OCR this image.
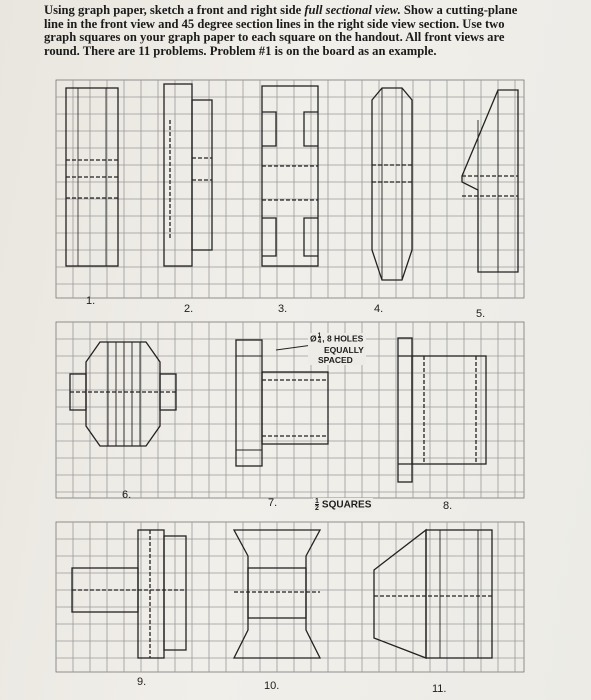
Using graph paper, sketch a front and right side full sectional view. Show a cutting-plane
line in the front view and 45 degree section lines in the right side view section. Use two
graph squares on your graph paper to each square on the handout. All front views are
round. There are 11 problems. Problem #1 is on the board as an example.
1.
2.	3.	4.	5.
6.
7.	8.
9.	10.	11.
Ø1
4, 8 HOLES
EQUALLY
SPACED
$\frac{1}{2}$ SQUARES
